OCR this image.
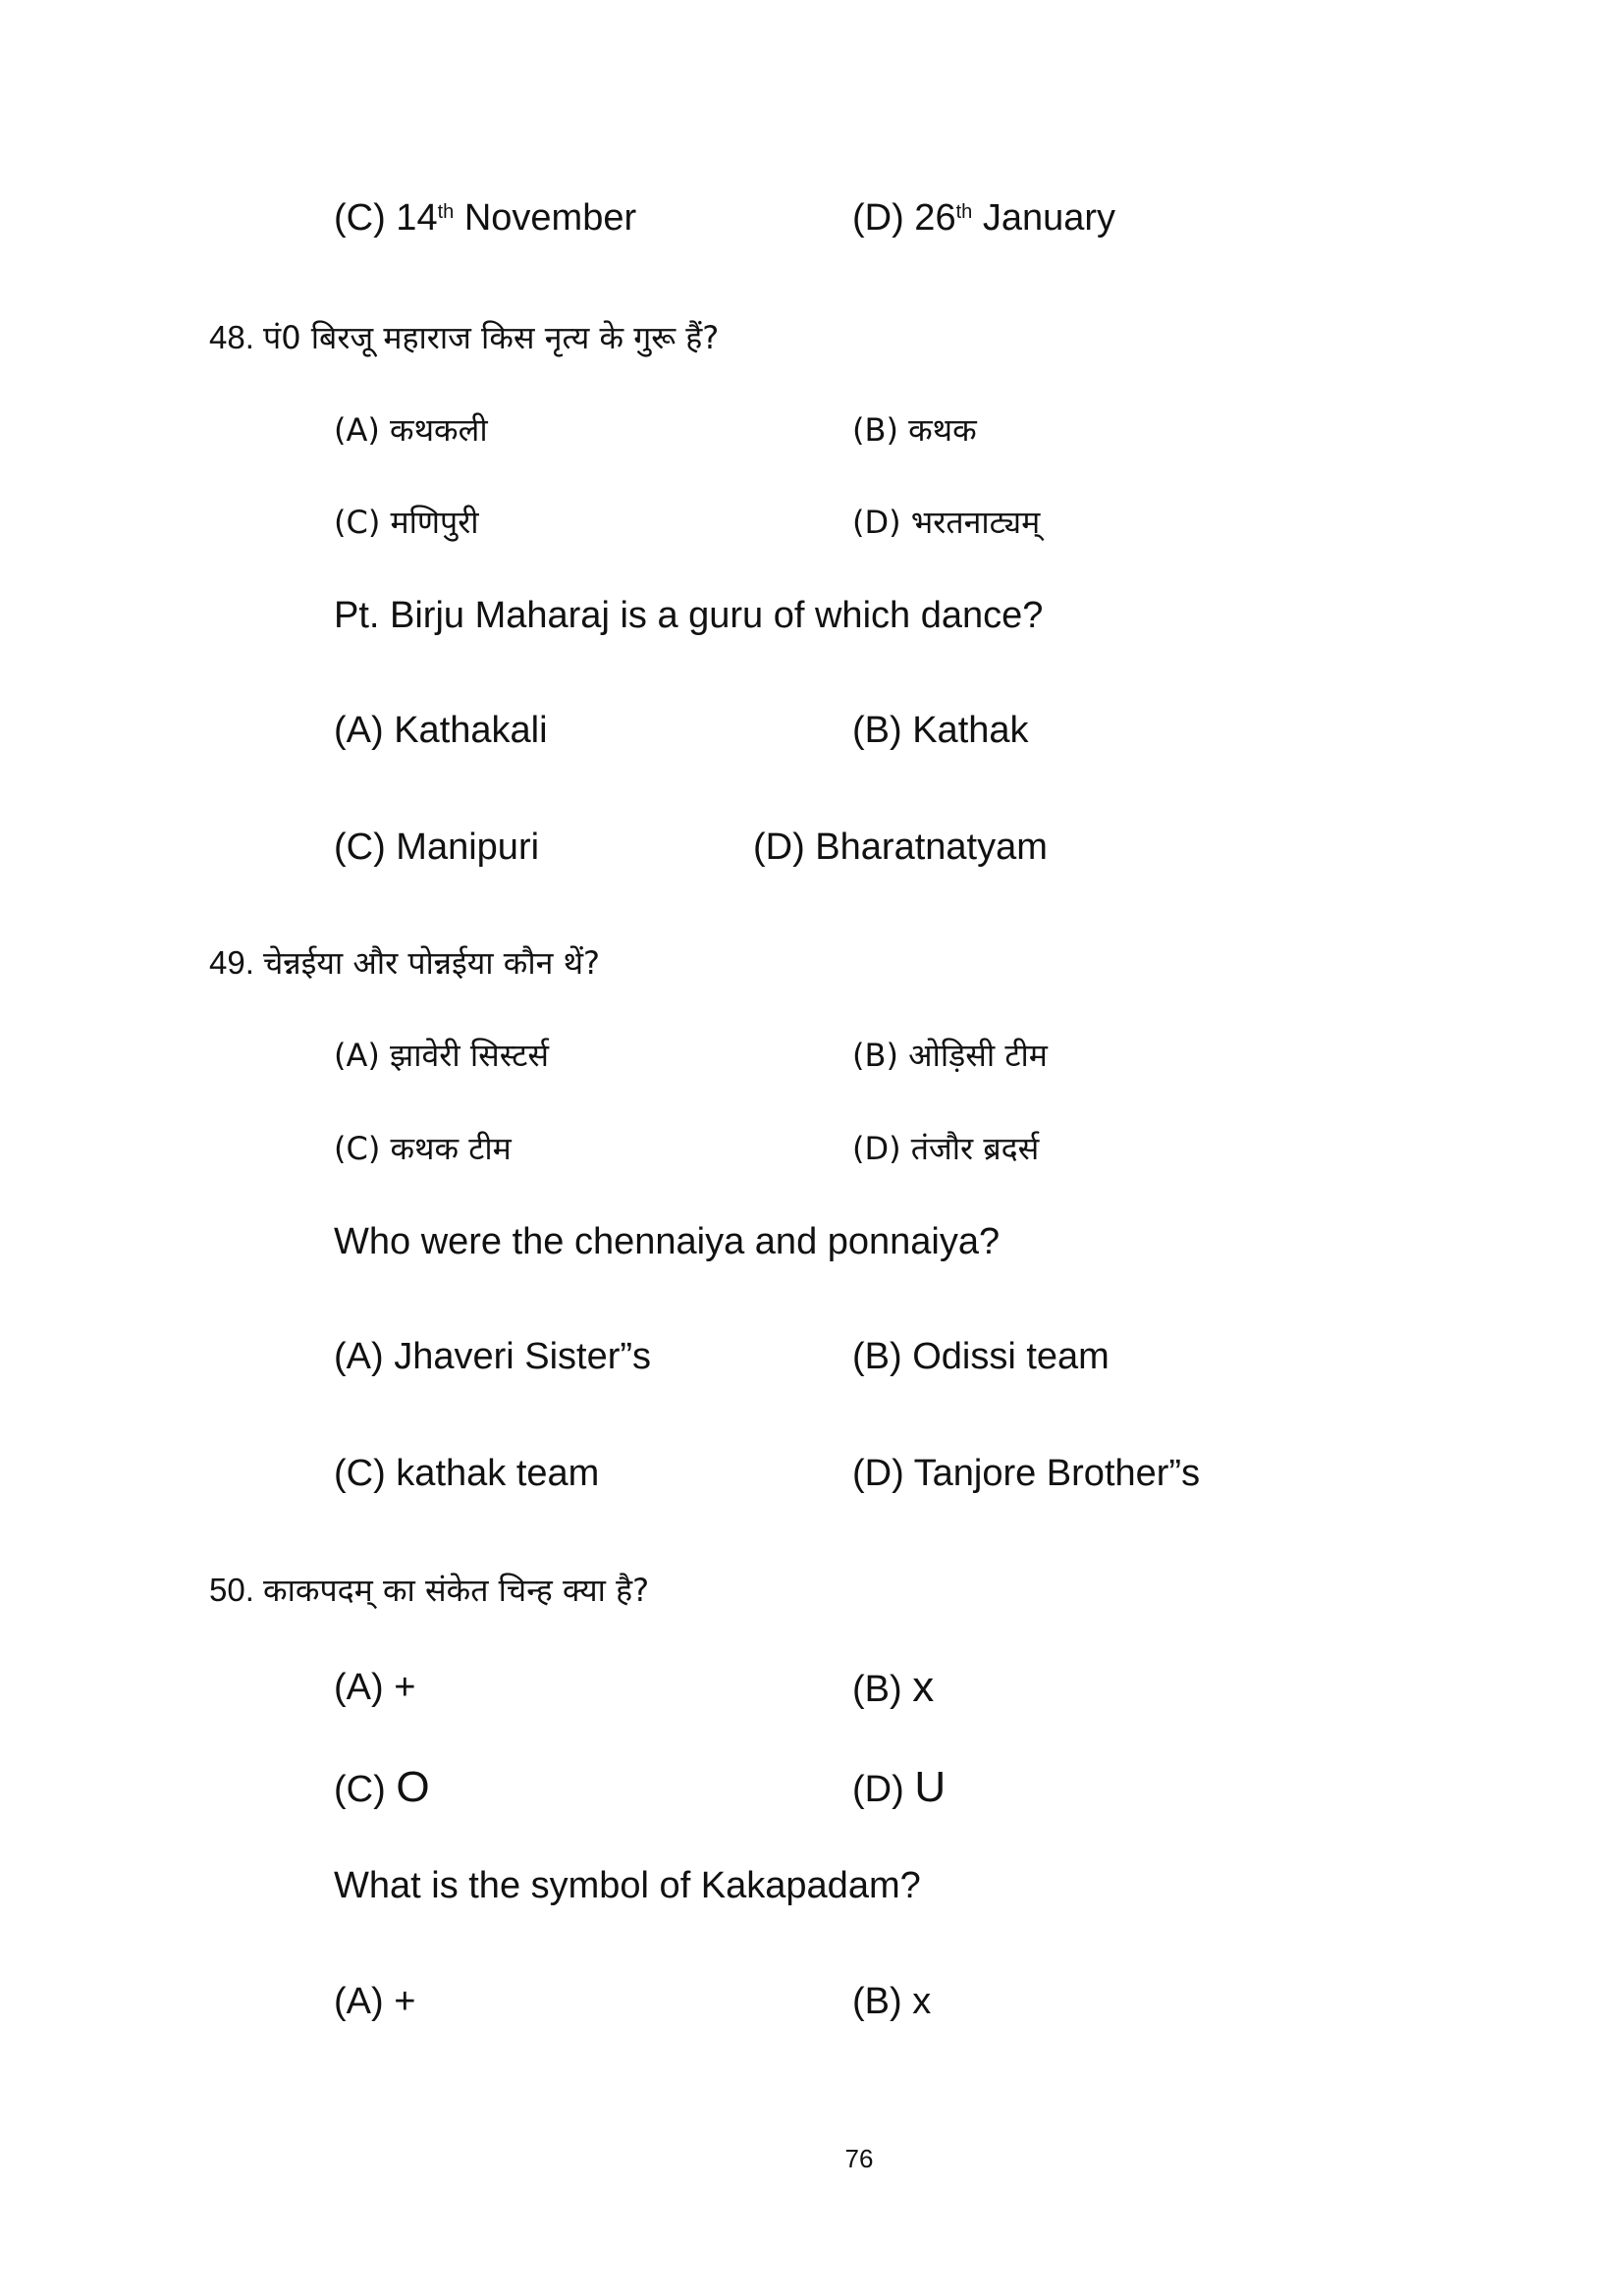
(C) 14th November	(D) 26th January
48. पं0 बिरजू महाराज किस नृत्य के गुरू हैं?
(A) कथकली	(B) कथक
(C) मणिपुरी	(D) भरतनाट्यम्
Pt. Birju Maharaj is a guru of which dance?
(A) Kathakali	(B) Kathak
(C) Manipuri	(D) Bharatnatyam
49. चेन्नईया और पोन्नईया कौन थें?
(A) झावेरी सिस्टर्स	(B) ओड़िसी टीम
(C) कथक टीम	(D) तंजौर ब्रदर्स
Who were the chennaiya and ponnaiya?
(A) Jhaveri Sister”s	(B) Odissi team
(C) kathak team	(D) Tanjore Brother”s
50. काकपदम् का संकेत चिन्ह क्या है?
(A) +	(B) x
(C) O	(D) U
What is the symbol of Kakapadam?
(A) +	(B) x
76
